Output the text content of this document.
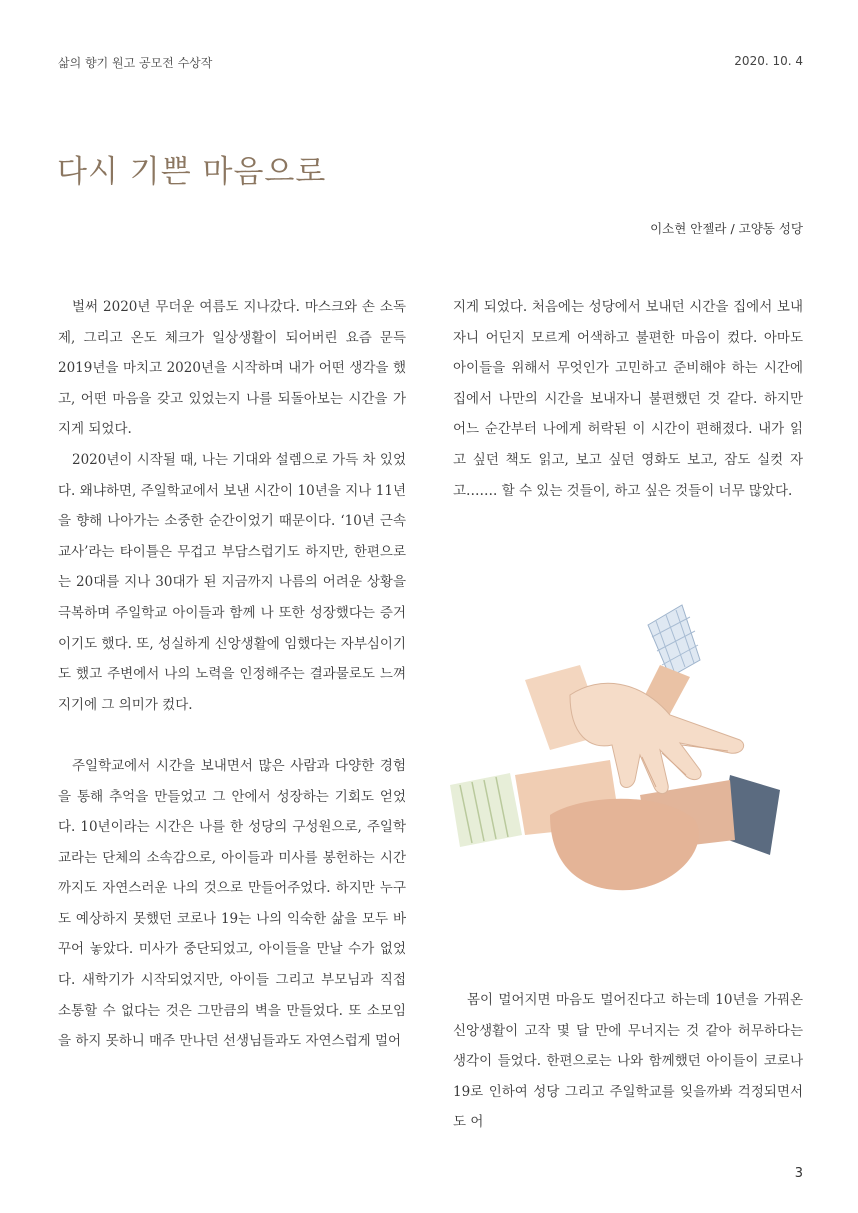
삶의 향기 원고 공모전 수상작	2020. 10. 4
다시 기쁜 마음으로
이소현 안젤라 / 고양동 성당

벌써 2020년 무더운 여름도 지나갔다. 마스크와 손 소독제, 그리고 온도 체크가 일상생활이 되어버린 요즘 문득 2019년을 마치고 2020년을 시작하며 내가 어떤 생각을 했고, 어떤 마음을 갖고 있었는지 나를 되돌아보는 시간을 가지게 되었다.

2020년이 시작될 때, 나는 기대와 설렘으로 가득 차 있었다. 왜냐하면, 주일학교에서 보낸 시간이 10년을 지나 11년을 향해 나아가는 소중한 순간이었기 때문이다. ‘10년 근속 교사’라는 타이틀은 무겁고 부담스럽기도 하지만, 한편으로는 20대를 지나 30대가 된 지금까지 나름의 어려운 상황을 극복하며 주일학교 아이들과 함께 나 또한 성장했다는 증거이기도 했다. 또, 성실하게 신앙생활에 임했다는 자부심이기도 했고 주변에서 나의 노력을 인정해주는 결과물로도 느껴지기에 그 의미가 컸다.

주일학교에서 시간을 보내면서 많은 사람과 다양한 경험을 통해 추억을 만들었고 그 안에서 성장하는 기회도 얻었다. 10년이라는 시간은 나를 한 성당의 구성원으로, 주일학교라는 단체의 소속감으로, 아이들과 미사를 봉헌하는 시간까지도 자연스러운 나의 것으로 만들어주었다. 하지만 누구도 예상하지 못했던 코로나 19는 나의 익숙한 삶을 모두 바꾸어 놓았다. 미사가 중단되었고, 아이들을 만날 수가 없었다. 새학기가 시작되었지만, 아이들 그리고 부모님과 직접 소통할 수 없다는 것은 그만큼의 벽을 만들었다. 또 소모임을 하지 못하니 매주 만나던 선생님들과도 자연스럽게 멀어

지게 되었다. 처음에는 성당에서 보내던 시간을 집에서 보내자니 어딘지 모르게 어색하고 불편한 마음이 컸다. 아마도 아이들을 위해서 무엇인가 고민하고 준비해야 하는 시간에 집에서 나만의 시간을 보내자니 불편했던 것 같다. 하지만 어느 순간부터 나에게 허락된 이 시간이 편해졌다. 내가 읽고 싶던 책도 읽고, 보고 싶던 영화도 보고, 잠도 실컷 자고……. 할 수 있는 것들이, 하고 싶은 것들이 너무 많았다.

몸이 멀어지면 마음도 멀어진다고 하는데 10년을 가꿔온 신앙생활이 고작 몇 달 만에 무너지는 것 같아 허무하다는 생각이 들었다. 한편으로는 나와 함께했던 아이들이 코로나 19로 인하여 성당 그리고 주일학교를 잊을까봐 걱정되면서도 어

3
